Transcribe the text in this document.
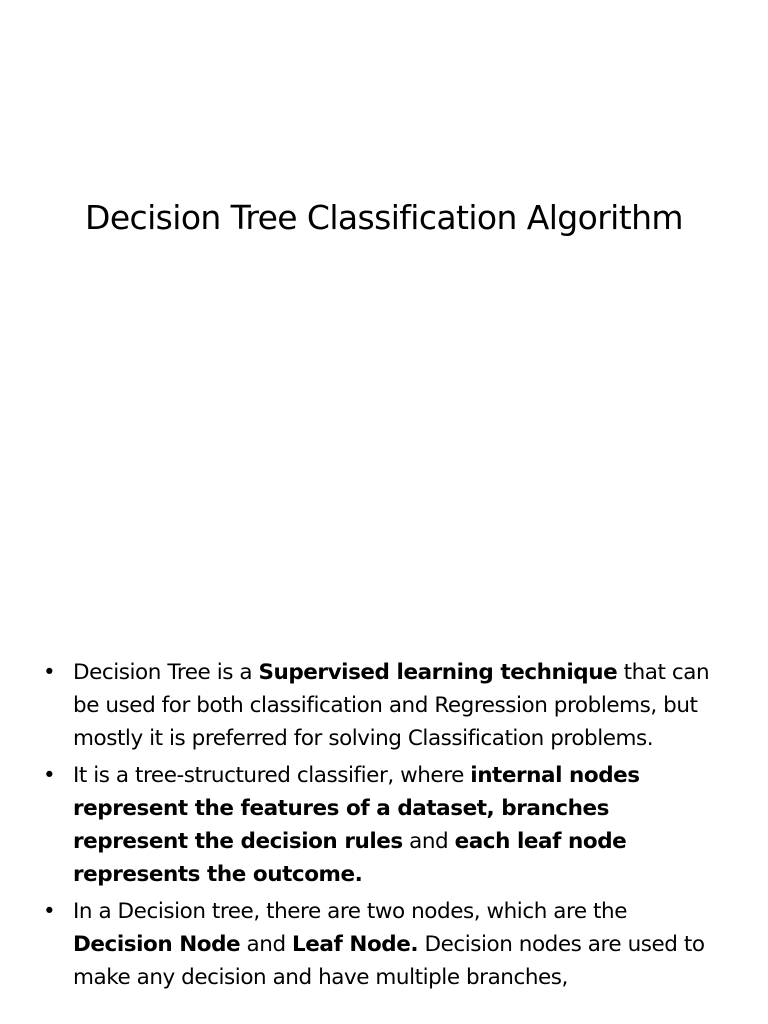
Decision Tree Classification Algorithm
• Decision Tree is a Supervised learning technique that can be used for both classification and Regression problems, but mostly it is preferred for solving Classification problems.
• It is a tree-structured classifier, where internal nodes represent the features of a dataset, branches represent the decision rules and each leaf node represents the outcome.
• In a Decision tree, there are two nodes, which are the Decision Node and Leaf Node. Decision nodes are used to make any decision and have multiple branches,
